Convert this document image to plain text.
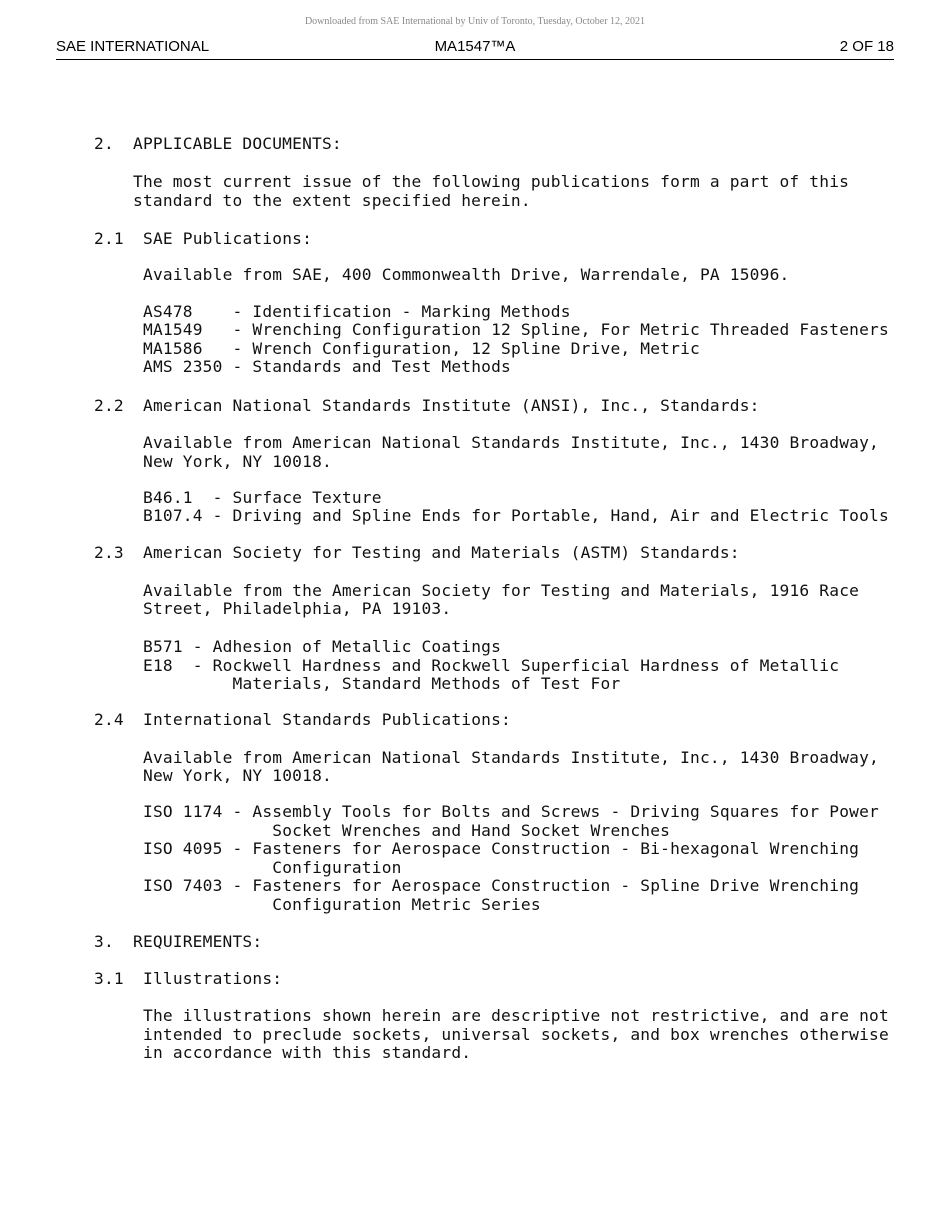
Downloaded from SAE International by Univ of Toronto, Tuesday, October 12, 2021
SAE INTERNATIONAL	MA1547™A	2 OF 18
2. APPLICABLE DOCUMENTS:
The most current issue of the following publications form a part of this
standard to the extent specified herein.
2.1 SAE Publications:
Available from SAE, 400 Commonwealth Drive, Warrendale, PA 15096.
AS478    - Identification - Marking Methods
MA1549   - Wrenching Configuration 12 Spline, For Metric Threaded Fasteners
MA1586   - Wrench Configuration, 12 Spline Drive, Metric
AMS 2350 - Standards and Test Methods
2.2 American National Standards Institute (ANSI), Inc., Standards:
Available from American National Standards Institute, Inc., 1430 Broadway,
New York, NY 10018.
B46.1  - Surface Texture
B107.4 - Driving and Spline Ends for Portable, Hand, Air and Electric Tools
2.3 American Society for Testing and Materials (ASTM) Standards:
Available from the American Society for Testing and Materials, 1916 Race
Street, Philadelphia, PA 19103.
B571 - Adhesion of Metallic Coatings
E18  - Rockwell Hardness and Rockwell Superficial Hardness of Metallic
Materials, Standard Methods of Test For
2.4 International Standards Publications:
Available from American National Standards Institute, Inc., 1430 Broadway,
New York, NY 10018.
ISO 1174 - Assembly Tools for Bolts and Screws - Driving Squares for Power
Socket Wrenches and Hand Socket Wrenches
ISO 4095 - Fasteners for Aerospace Construction - Bi-hexagonal Wrenching
Configuration
ISO 7403 - Fasteners for Aerospace Construction - Spline Drive Wrenching
Configuration Metric Series
3. REQUIREMENTS:
3.1 Illustrations:
The illustrations shown herein are descriptive not restrictive, and are not
intended to preclude sockets, universal sockets, and box wrenches otherwise
in accordance with this standard.
